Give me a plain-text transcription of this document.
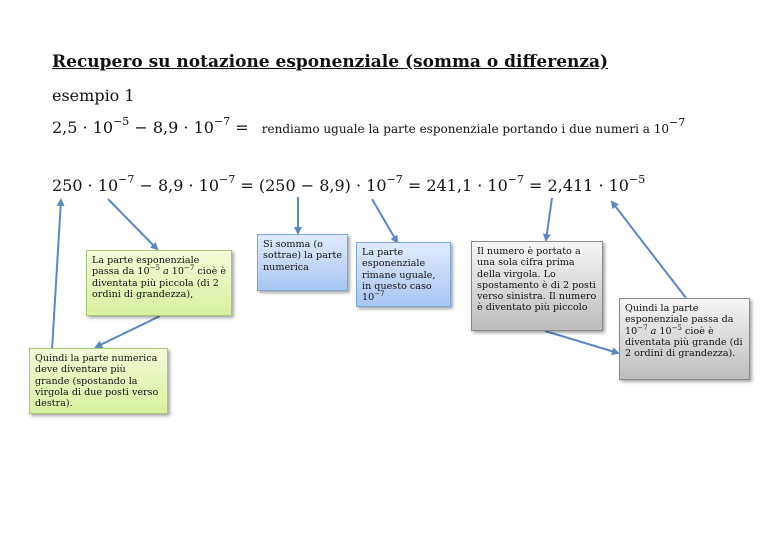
Recupero su notazione esponenziale (somma o differenza)
esempio 1
$2,5 \cdot 10^{-5} - 8,9 \cdot 10^{-7}$ = rendiamo uguale la parte esponenziale portando i due numeri a $10^{-7}$
$250 \cdot 10^{-7} - 8,9 \cdot 10^{-7} = (250 - 8,9) \cdot 10^{-7} = 241,1 \cdot 10^{-7} = 2,411 \cdot 10^{-5}$
La parte esponenziale passa da $10^{-5}$ a $10^{-7}$ cioè è diventata più piccola (di 2 ordini di grandezza),
Quindi la parte numerica deve diventare più grande (spostando la virgola di due posti verso destra).
Si somma (o sottrae) la parte numerica
La parte esponenziale rimane uguale, in questo caso $10^{-7}$
Il numero è portato a una sola cifra prima della virgola. Lo spostamento è di 2 posti verso sinistra. Il numero è diventato più piccolo	Quindi la parte esponenziale passa da $10^{-7}$ a $10^{-5}$ cioè è diventata più grande (di 2 ordini di grandezza).
